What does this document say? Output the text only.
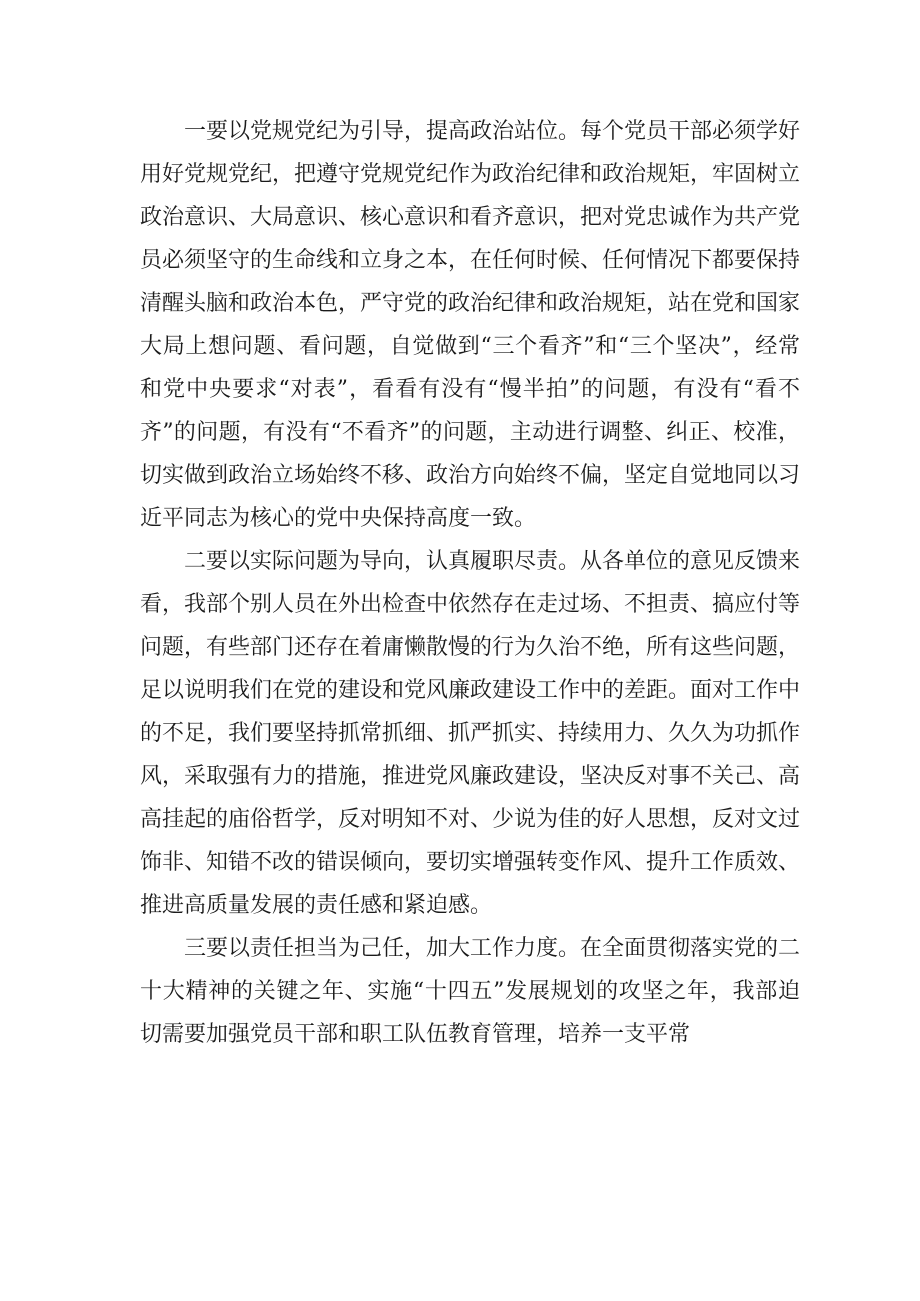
一要以党规党纪为引导，提高政治站位。每个党员干部必须学好用好党规党纪，把遵守党规党纪作为政治纪律和政治规矩，牢固树立政治意识、大局意识、核心意识和看齐意识，把对党忠诚作为共产党员必须坚守的生命线和立身之本，在任何时候、任何情况下都要保持清醒头脑和政治本色，严守党的政治纪律和政治规矩，站在党和国家大局上想问题、看问题，自觉做到“三个看齐”和“三个坚决”，经常和党中央要求“对表”，看看有没有“慢半拍”的问题，有没有“看不齐”的问题，有没有“不看齐”的问题，主动进行调整、纠正、校准，切实做到政治立场始终不移、政治方向始终不偏，坚定自觉地同以习近平同志为核心的党中央保持高度一致。

二要以实际问题为导向，认真履职尽责。从各单位的意见反馈来看，我部个别人员在外出检查中依然存在走过场、不担责、搞应付等问题，有些部门还存在着庸懒散慢的行为久治不绝，所有这些问题，足以说明我们在党的建设和党风廉政建设工作中的差距。面对工作中的不足，我们要坚持抓常抓细、抓严抓实、持续用力、久久为功抓作风，采取强有力的措施，推进党风廉政建设，坚决反对事不关己、高高挂起的庙俗哲学，反对明知不对、少说为佳的好人思想，反对文过饰非、知错不改的错误倾向，要切实增强转变作风、提升工作质效、推进高质量发展的责任感和紧迫感。

三要以责任担当为己任，加大工作力度。在全面贯彻落实党的二十大精神的关键之年、实施“十四五”发展规划的攻坚之年，我部迫切需要加强党员干部和职工队伍教育管理，培养一支平常
